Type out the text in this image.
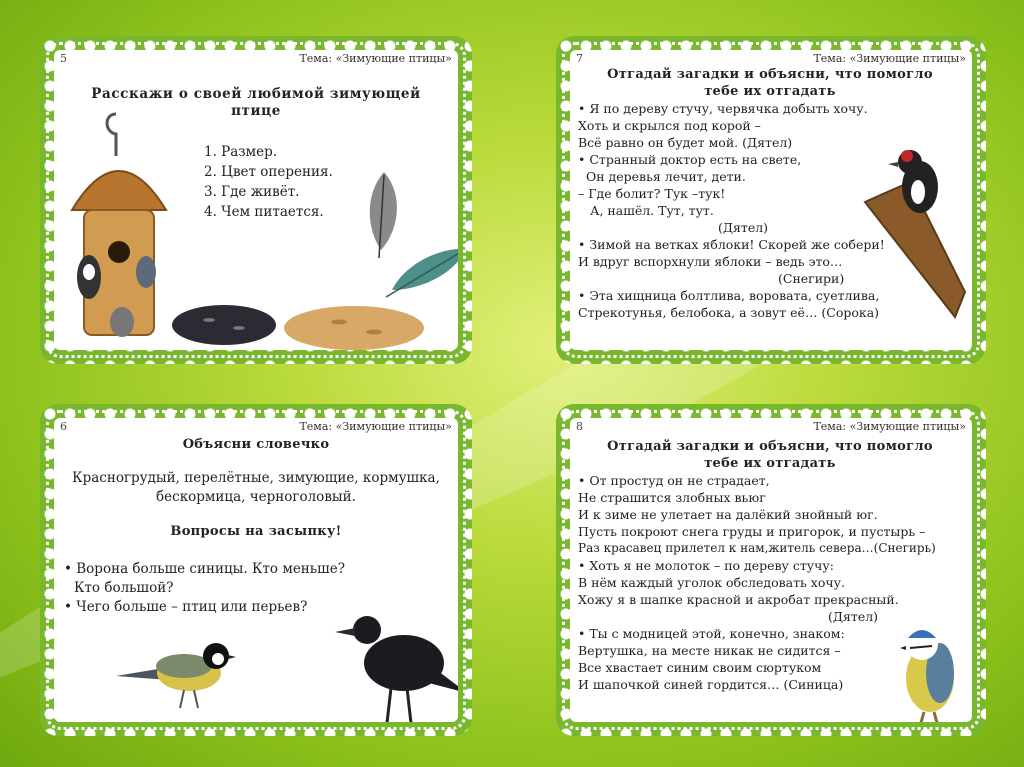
5	Тема: «Зимующие птицы»
Расскажи о своей любимой зимующей птице
1. Размер.
2. Цвет оперения.
3. Где живёт.
4. Чем питается.
7	Тема: «Зимующие птицы»
Отгадай загадки и объясни, что помогло
тебе их отгадать
• Я по дереву стучу, червячка добыть хочу.
Хоть и скрылся под корой –
Всё равно он будет мой. (Дятел)
• Странный доктор есть на свете,
Он деревья лечит, дети.
– Где болит? Тук –тук!
А, нашёл. Тут, тут.
(Дятел)
• Зимой на ветках яблоки! Скорей же собери!
И вдруг вспорхнули яблоки – ведь это…
(Снегири)
• Эта хищница болтлива, воровата, суетлива,
Стрекотунья, белобока, а зовут её… (Сорока)
6	Тема: «Зимующие птицы»
Объясни словечко
Красногрудый, перелётные, зимующие, кормушка,
бескормица, черноголовый.
Вопросы на засыпку!
• Ворона больше синицы. Кто меньше?
Кто большой?
• Чего больше – птиц или перьев?
8	Тема: «Зимующие птицы»
Отгадай загадки и объясни, что помогло
тебе их отгадать
• От простуд он не страдает,
Не страшится злобных вьюг
И к зиме не улетает на далёкий знойный юг.
Пусть покроют снега груды и пригорок, и пустырь –
Раз красавец прилетел к нам,житель севера…(Снегирь)
• Хоть я не молоток – по дереву стучу:
В нём каждый уголок обследовать хочу.
Хожу я в шапке красной и акробат прекрасный.
(Дятел)
• Ты с модницей этой, конечно, знаком:
Вертушка, на месте никак не сидится –
Все хвастает синим своим сюртуком
И шапочкой синей гордится… (Синица)
